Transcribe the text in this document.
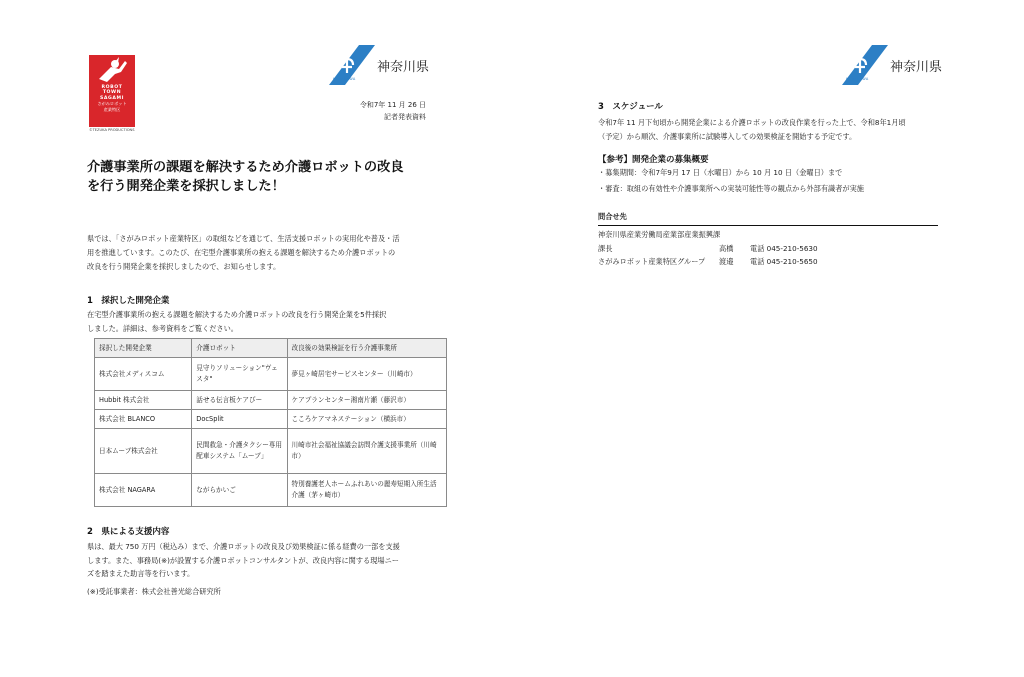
ROBOT
TOWN
SAGAMI
さがみロボット
産業特区
©TEZUKA PRODUCTIONS
神奈川県
KANAGAWA
令和7年 11 月 26 日
記者発表資料
介護事業所の課題を解決するため介護ロボットの改良
を行う開発企業を採択しました！
県では、「さがみロボット産業特区」の取組などを通じて、生活支援ロボットの実用化や普及・活
用を推進しています。このたび、在宅型介護事業所の抱える課題を解決するため介護ロボットの
改良を行う開発企業を採択しましたので、お知らせします。
1　採択した開発企業
在宅型介護事業所の抱える課題を解決するため介護ロボットの改良を行う開発企業を5件採択
しました。詳細は、参考資料をご覧ください。
採択した開発企業	介護ロボット	改良後の効果検証を行う介護事業所
株式会社メディスコム	見守りソリューション"ヴェスタ"	夢見ヶ崎居宅サービスセンター（川崎市）
Hubbit 株式会社	話せる伝言板ケアびー	ケアプランセンター湘南片瀬（藤沢市）
株式会社 BLANCO	DocSplit	こころケアマネステーション（横浜市）
日本ムーブ株式会社	民間救急・介護タクシー専用配車システム「ムーブ」	川崎市社会福祉協議会訪問介護支援事業所（川崎市）
株式会社 NAGARA	ながらかいご	特別養護老人ホームふれあいの麗寿短期入所生活介護（茅ヶ崎市）
2　県による支援内容
県は、最大 750 万円（税込み）まで、介護ロボットの改良及び効果検証に係る経費の一部を支援
します。また、事務局(※)が設置する介護ロボットコンサルタントが、改良内容に関する現場ニー
ズを踏まえた助言等を行います。
(※)受託事業者：株式会社善光総合研究所
神奈川県
KANAGAWA
3　スケジュール
令和7年 11 月下旬頃から開発企業による介護ロボットの改良作業を行った上で、令和8年1月頃
（予定）から順次、介護事業所に試験導入しての効果検証を開始する予定です。
【参考】開発企業の募集概要
・募集期間：令和7年9月 17 日（水曜日）から 10 月 10 日（金曜日）まで
・審査：取組の有効性や介護事業所への実装可能性等の観点から外部有識者が実施
問合せ先
神奈川県産業労働局産業部産業振興課
課長	高橋 電話 045-210-5630
さがみロボット産業特区グループ 渡邉 電話 045-210-5650
